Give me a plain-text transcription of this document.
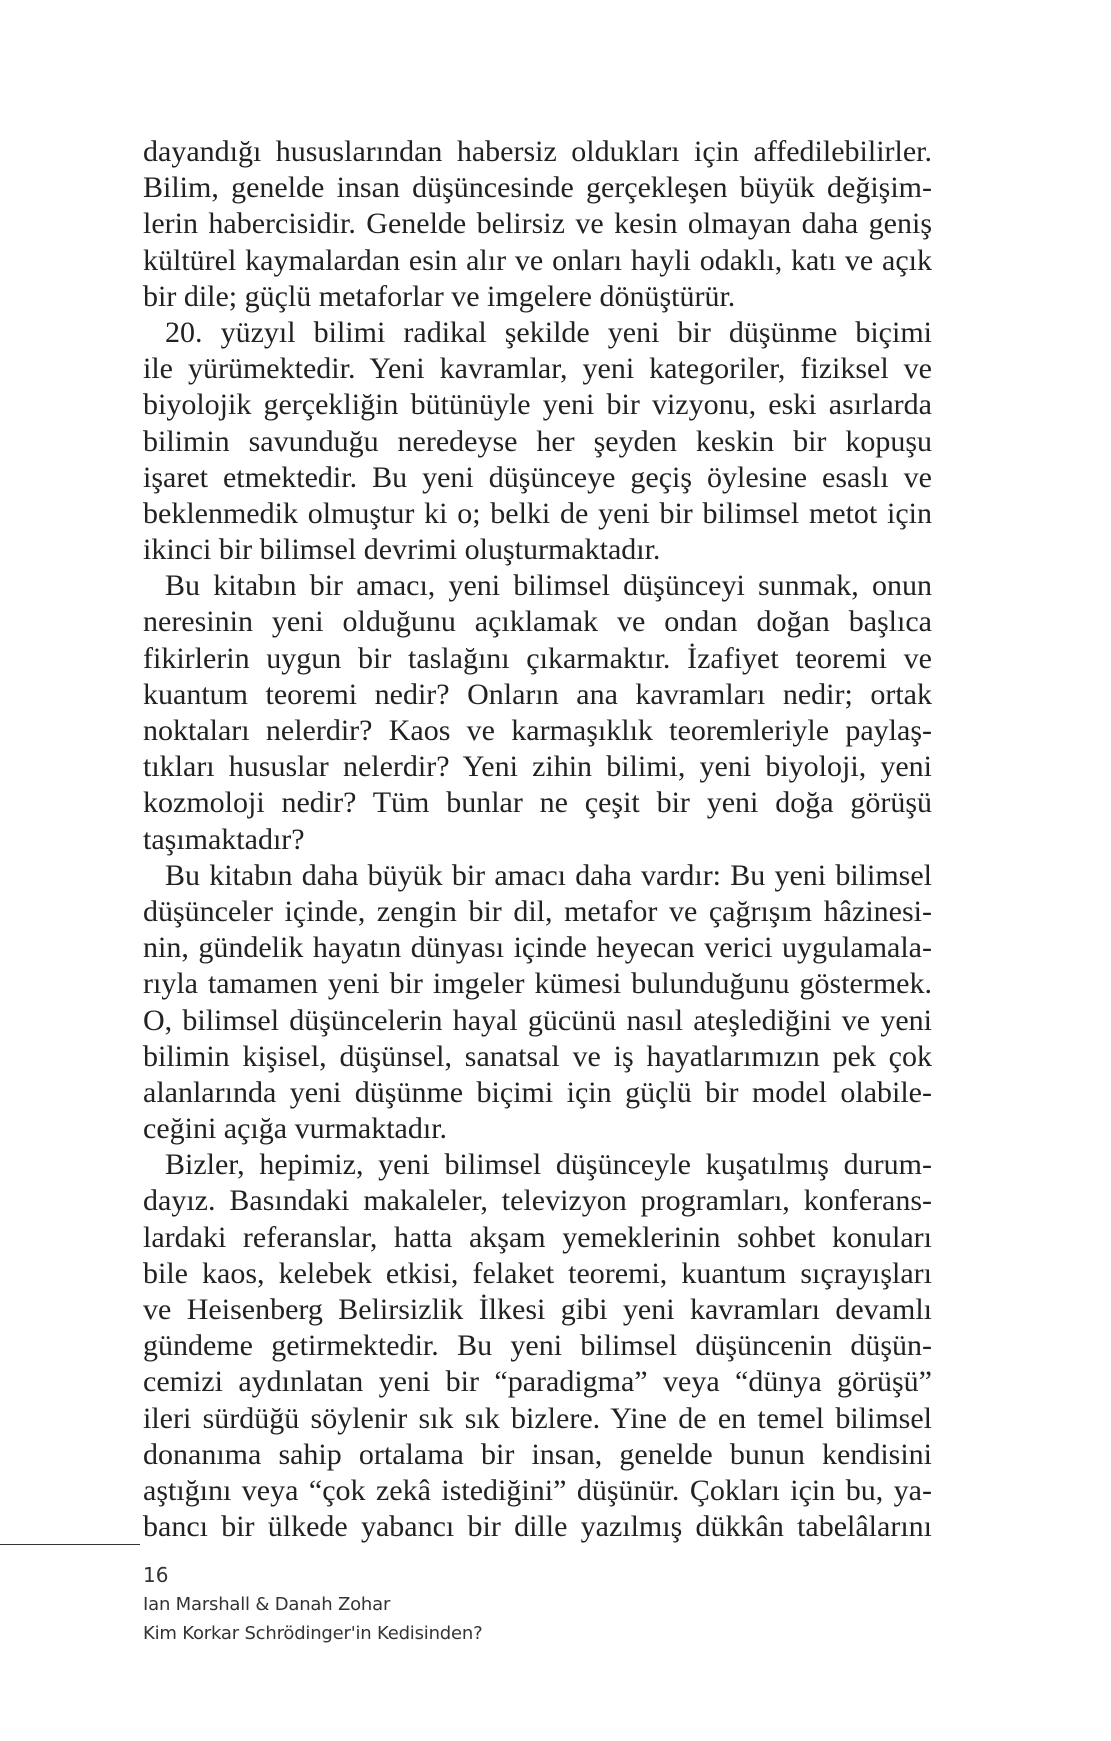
dayandığı hususlarından habersiz oldukları için affedilebilirler.
Bilim, genelde insan düşüncesinde gerçekleşen büyük değişim-
lerin habercisidir. Genelde belirsiz ve kesin olmayan daha geniş
kültürel kaymalardan esin alır ve onları hayli odaklı, katı ve açık
bir dile; güçlü metaforlar ve imgelere dönüştürür.
20. yüzyıl bilimi radikal şekilde yeni bir düşünme biçimi
ile yürümektedir. Yeni kavramlar, yeni kategoriler, fiziksel ve
biyolojik gerçekliğin bütünüyle yeni bir vizyonu, eski asırlarda
bilimin savunduğu neredeyse her şeyden keskin bir kopuşu
işaret etmektedir. Bu yeni düşünceye geçiş öylesine esaslı ve
beklenmedik olmuştur ki o; belki de yeni bir bilimsel metot için
ikinci bir bilimsel devrimi oluşturmaktadır.
Bu kitabın bir amacı, yeni bilimsel düşünceyi sunmak, onun
neresinin yeni olduğunu açıklamak ve ondan doğan başlıca
fikirlerin uygun bir taslağını çıkarmaktır. İzafiyet teoremi ve
kuantum teoremi nedir? Onların ana kavramları nedir; ortak
noktaları nelerdir? Kaos ve karmaşıklık teoremleriyle paylaş-
tıkları hususlar nelerdir? Yeni zihin bilimi, yeni biyoloji, yeni
kozmoloji nedir? Tüm bunlar ne çeşit bir yeni doğa görüşü
taşımaktadır?
Bu kitabın daha büyük bir amacı daha vardır: Bu yeni bilimsel
düşünceler içinde, zengin bir dil, metafor ve çağrışım hâzinesi-
nin, gündelik hayatın dünyası içinde heyecan verici uygulamala-
rıyla tamamen yeni bir imgeler kümesi bulunduğunu göstermek.
O, bilimsel düşüncelerin hayal gücünü nasıl ateşlediğini ve yeni
bilimin kişisel, düşünsel, sanatsal ve iş hayatlarımızın pek çok
alanlarında yeni düşünme biçimi için güçlü bir model olabile-
ceğini açığa vurmaktadır.
Bizler, hepimiz, yeni bilimsel düşünceyle kuşatılmış durum-
dayız. Basındaki makaleler, televizyon programları, konferans-
lardaki referanslar, hatta akşam yemeklerinin sohbet konuları
bile kaos, kelebek etkisi, felaket teoremi, kuantum sıçrayışları
ve Heisenberg Belirsizlik İlkesi gibi yeni kavramları devamlı
gündeme getirmektedir. Bu yeni bilimsel düşüncenin düşün-
cemizi aydınlatan yeni bir “paradigma” veya “dünya görüşü”
ileri sürdüğü söylenir sık sık bizlere. Yine de en temel bilimsel
donanıma sahip ortalama bir insan, genelde bunun kendisini
aştığını veya “çok zekâ istediğini” düşünür. Çokları için bu, ya-
bancı bir ülkede yabancı bir dille yazılmış dükkân tabelâlarını
16
Ian Marshall & Danah Zohar
Kim Korkar Schrödinger'in Kedisinden?
